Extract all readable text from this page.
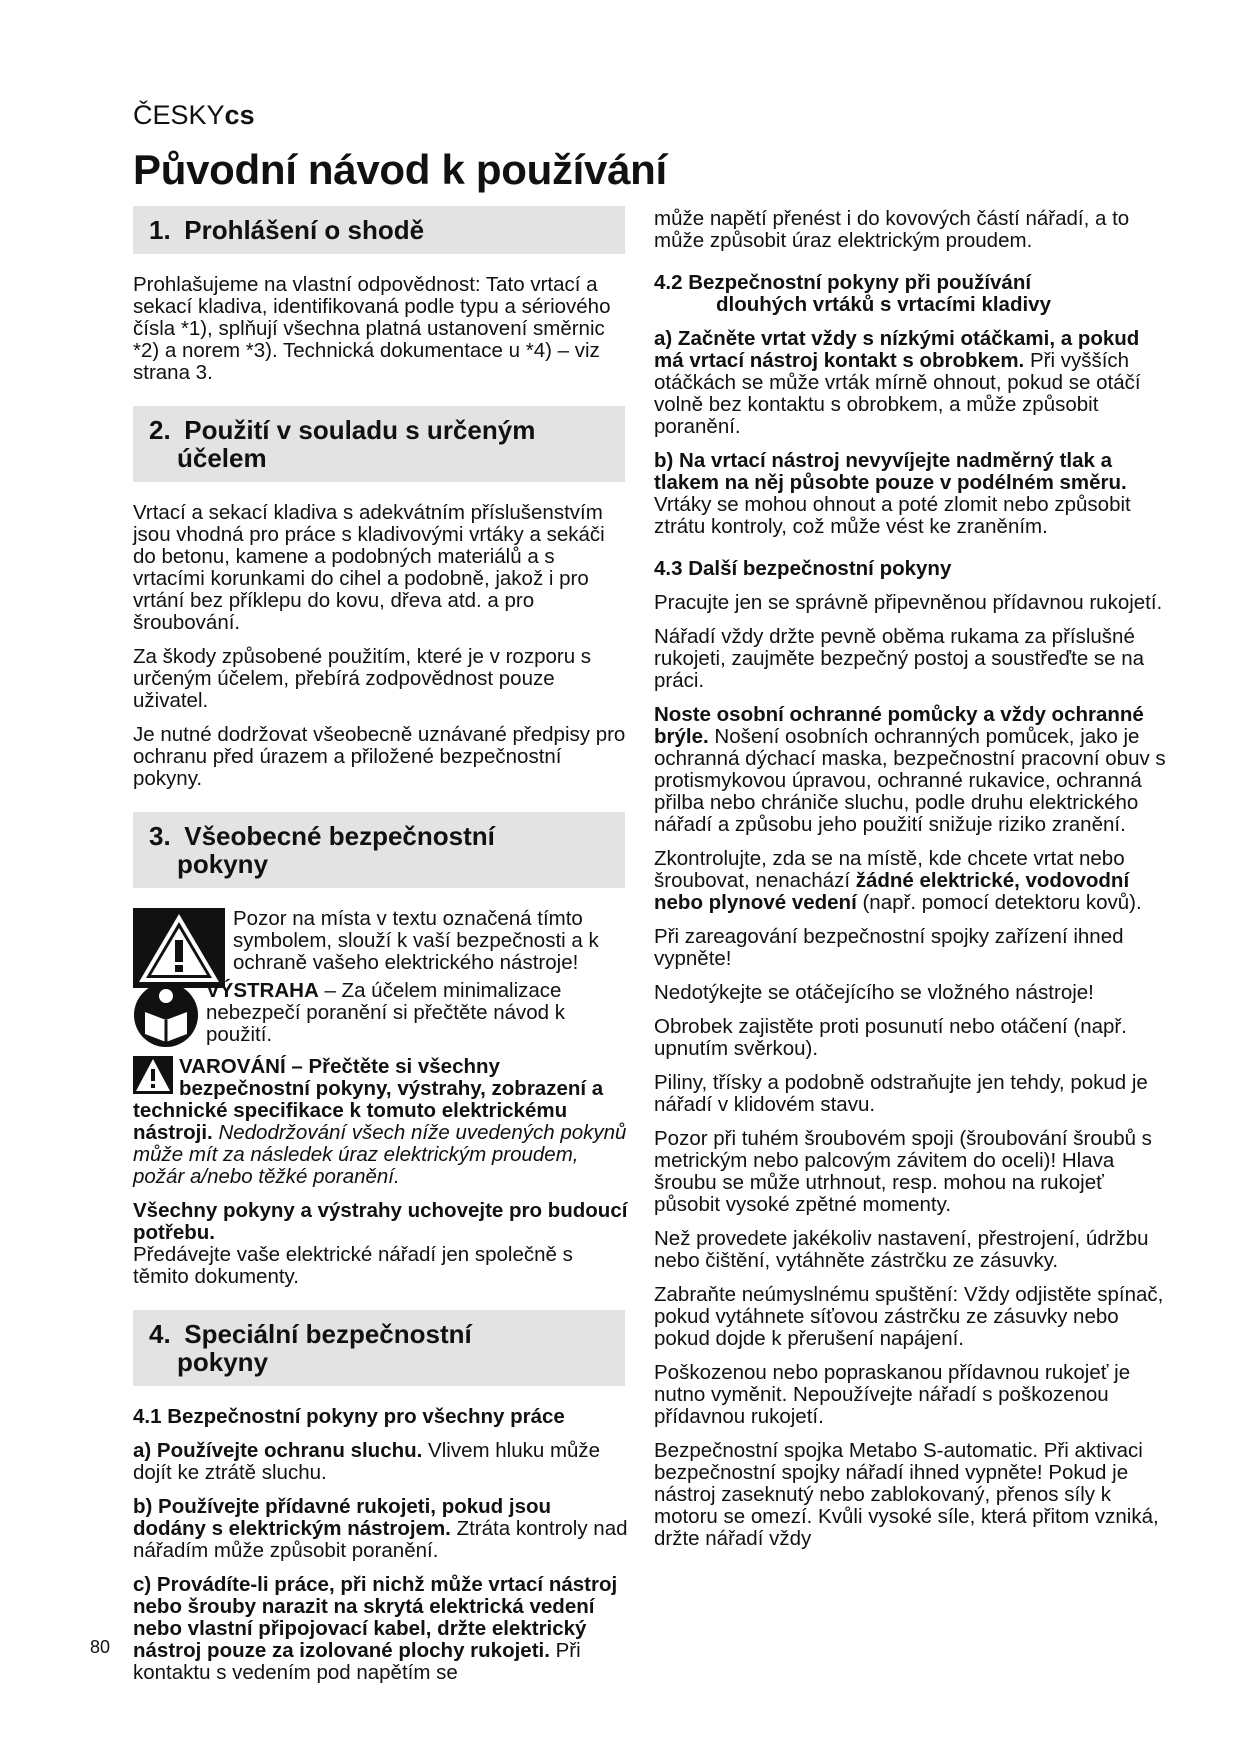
ČESKYcs
Původní návod k používání
1. Prohlášení o shodě

Prohlašujeme na vlastní odpovědnost: Tato vrtací a sekací kladiva, identifikovaná podle typu a sériového čísla *1), splňují všechna platná ustanovení směrnic *2) a norem *3). Technická dokumentace u *4) – viz strana 3.

2. Použití v souladu s určeným
účelem

Vrtací a sekací kladiva s adekvátním příslušenstvím jsou vhodná pro práce s kladivovými vrtáky a sekáči do betonu, kamene a podobných materiálů a s vrtacími korunkami do cihel a podobně, jakož i pro vrtání bez příklepu do kovu, dřeva atd. a pro šroubování.

Za škody způsobené použitím, které je v rozporu s určeným účelem, přebírá zodpovědnost pouze uživatel.

Je nutné dodržovat všeobecně uznávané předpisy pro ochranu před úrazem a přiložené bezpečnostní pokyny.

3. Všeobecné bezpečnostní
pokyny
Pozor na místa v textu označená tímto symbolem, slouží k vaší bezpečnosti a k ochraně vašeho elektrického nástroje!
VÝSTRAHA – Za účelem minimalizace nebezpečí poranění si přečtěte návod k použití.

VAROVÁNÍ – Přečtěte si všechny bezpečnostní pokyny, výstrahy, zobrazení a technické specifikace k tomuto elektrickému nástroji. Nedodržování všech níže uvedených pokynů může mít za následek úraz elektrickým proudem, požár a/nebo těžké poranění.

Všechny pokyny a výstrahy uchovejte pro budoucí potřebu.
Předávejte vaše elektrické nářadí jen společně s těmito dokumenty.

4. Speciální bezpečnostní
pokyny

4.1 Bezpečnostní pokyny pro všechny práce

a) Používejte ochranu sluchu. Vlivem hluku může dojít ke ztrátě sluchu.

b) Používejte přídavné rukojeti, pokud jsou dodány s elektrickým nástrojem. Ztráta kontroly nad nářadím může způsobit poranění.

c) Provádíte-li práce, při nichž může vrtací nástroj nebo šrouby narazit na skrytá elektrická vedení nebo vlastní připojovací kabel, držte elektrický nástroj pouze za izolované plochy rukojeti. Při kontaktu s vedením pod napětím se

může napětí přenést i do kovových částí nářadí, a to může způsobit úraz elektrickým proudem.

4.2 Bezpečnostní pokyny při používání
dlouhých vrtáků s vrtacími kladivy

a) Začněte vrtat vždy s nízkými otáčkami, a pokud má vrtací nástroj kontakt s obrobkem. Při vyšších otáčkách se může vrták mírně ohnout, pokud se otáčí volně bez kontaktu s obrobkem, a může způsobit poranění.

b) Na vrtací nástroj nevyvíjejte nadměrný tlak a tlakem na něj působte pouze v podélném směru. Vrtáky se mohou ohnout a poté zlomit nebo způsobit ztrátu kontroly, což může vést ke zraněním.

4.3 Další bezpečnostní pokyny

Pracujte jen se správně připevněnou přídavnou rukojetí.

Nářadí vždy držte pevně oběma rukama za příslušné rukojeti, zaujměte bezpečný postoj a soustřeďte se na práci.

Noste osobní ochranné pomůcky a vždy ochranné brýle. Nošení osobních ochranných pomůcek, jako je ochranná dýchací maska, bezpečnostní pracovní obuv s protismykovou úpravou, ochranné rukavice, ochranná přilba nebo chrániče sluchu, podle druhu elektrického nářadí a způsobu jeho použití snižuje riziko zranění.

Zkontrolujte, zda se na místě, kde chcete vrtat nebo šroubovat, nenachází žádné elektrické, vodovodní nebo plynové vedení (např. pomocí detektoru kovů).

Při zareagování bezpečnostní spojky zařízení ihned vypněte!

Nedotýkejte se otáčejícího se vložného nástroje!

Obrobek zajistěte proti posunutí nebo otáčení (např. upnutím svěrkou).

Piliny, třísky a podobně odstraňujte jen tehdy, pokud je nářadí v klidovém stavu.

Pozor při tuhém šroubovém spoji (šroubování šroubů s metrickým nebo palcovým závitem do oceli)! Hlava šroubu se může utrhnout, resp. mohou na rukojeť působit vysoké zpětné momenty.

Než provedete jakékoliv nastavení, přestrojení, údržbu nebo čištění, vytáhněte zástrčku ze zásuvky.

Zabraňte neúmyslnému spuštění: Vždy odjistěte spínač, pokud vytáhnete síťovou zástrčku ze zásuvky nebo pokud dojde k přerušení napájení.

Poškozenou nebo popraskanou přídavnou rukojeť je nutno vyměnit. Nepoužívejte nářadí s poškozenou přídavnou rukojetí.

Bezpečnostní spojka Metabo S-automatic. Při aktivaci bezpečnostní spojky nářadí ihned vypněte! Pokud je nástroj zaseknutý nebo zablokovaný, přenos síly k motoru se omezí. Kvůli vysoké síle, která přitom vzniká, držte nářadí vždy

80
